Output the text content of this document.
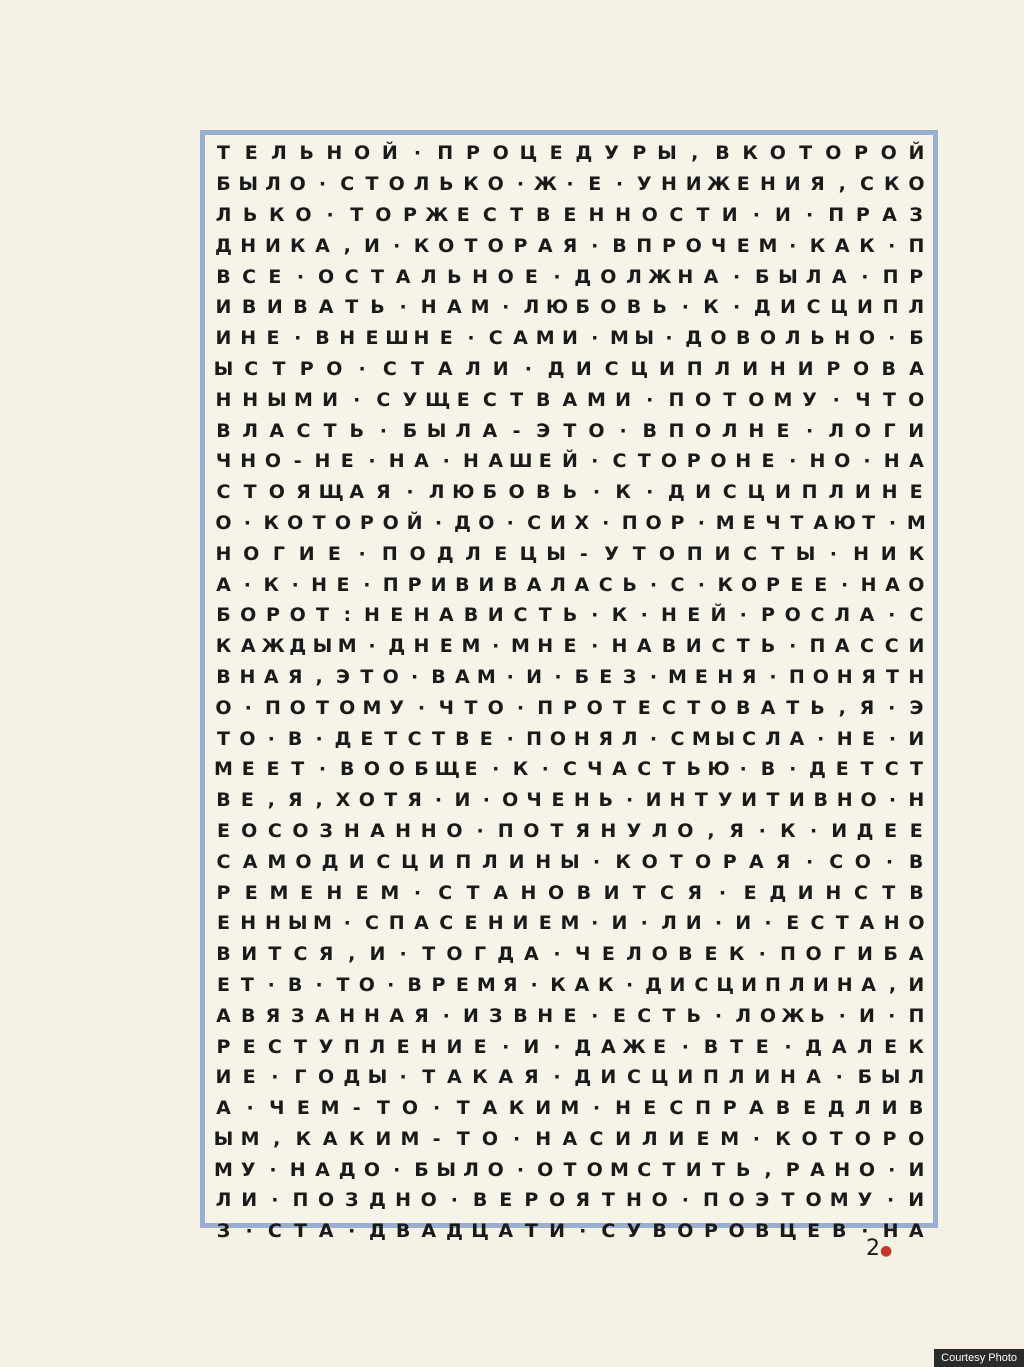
Т Е Л Ь Н О Й · П Р О Ц Е Д У Р Ы , В К О Т О Р О Й
Б Ы Л О · С Т О Л Ь К О · Ж · Е · У Н И Ж Е Н И Я , С К О
Л Ь К О · Т О Р Ж Е С Т В Е Н Н О С Т И · И · П Р А З
Д Н И К А , И · К О Т О Р А Я · В П Р О Ч Е М · К А К · П
В С Е · О С Т А Л Ь Н О Е · Д О Л Ж Н А · Б Ы Л А · П Р
И В И В А Т Ь · Н А М · Л Ю Б О В Ь · К · Д И С Ц И П Л
И Н Е · В Н Е Ш Н Е · С А М И · М Ы · Д О В О Л Ь Н О · Б
Ы С Т Р О · С Т А Л И · Д И С Ц И П Л И Н И Р О В А
Н Н Ы М И · С У Щ Е С Т В А М И · П О Т О М У · Ч Т О
В Л А С Т Ь · Б Ы Л А - Э Т О · В П О Л Н Е · Л О Г И
Ч Н О - Н Е · Н А · Н А Ш Е Й · С Т О Р О Н Е · Н О · Н А
С Т О Я Щ А Я · Л Ю Б О В Ь · К · Д И С Ц И П Л И Н Е
О · К О Т О Р О Й · Д О · С И Х · П О Р · М Е Ч Т А Ю Т · М
Н О Г И Е · П О Д Л Е Ц Ы - У Т О П И С Т Ы · Н И К
А · К · Н Е · П Р И В И В А Л А С Ь · С · К О Р Е Е · Н А О
Б О Р О Т : Н Е Н А В И С Т Ь · К · Н Е Й · Р О С Л А · С
К А Ж Д Ы М · Д Н Е М · М Н Е · Н А В И С Т Ь · П А С С И
В Н А Я , Э Т О · В А М · И · Б Е З · М Е Н Я · П О Н Я Т Н
О · П О Т О М У · Ч Т О · П Р О Т Е С Т О В А Т Ь , Я · Э
Т О · В · Д Е Т С Т В Е · П О Н Я Л · С М Ы С Л А · Н Е · И
М Е Е Т · В О О Б Щ Е · К · С Ч А С Т Ь Ю · В · Д Е Т С Т
В Е , Я , Х О Т Я · И · О Ч Е Н Ь · И Н Т У И Т И В Н О · Н
Е О С О З Н А Н Н О · П О Т Я Н У Л О , Я · К · И Д Е Е
С А М О Д И С Ц И П Л И Н Ы · К О Т О Р А Я · С О · В
Р Е М Е Н Е М · С Т А Н О В И Т С Я · Е Д И Н С Т В
Е Н Н Ы М · С П А С Е Н И Е М · И · Л И · И · Е С Т А Н О
В И Т С Я , И · Т О Г Д А · Ч Е Л О В Е К · П О Г И Б А
Е Т · В · Т О · В Р Е М Я · К А К · Д И С Ц И П Л И Н А , И
А В Я З А Н Н А Я · И З В Н Е · Е С Т Ь · Л О Ж Ь · И · П
Р Е С Т У П Л Е Н И Е · И · Д А Ж Е · В Т Е · Д А Л Е К
И Е · Г О Д Ы · Т А К А Я · Д И С Ц И П Л И Н А · Б Ы Л
А · Ч Е М - Т О · Т А К И М · Н Е С П Р А В Е Д Л И В
Ы М , К А К И М - Т О · Н А С И Л И Е М · К О Т О Р О
М У · Н А Д О · Б Ы Л О · О Т О М С Т И Т Ь , Р А Н О · И
Л И · П О З Д Н О · В Е Р О Я Т Н О · П О Э Т О М У · И
З · С Т А · Д В А Д Ц А Т И · С У В О Р О В Ц Е В · Н А
2●
Courtesy Photo
